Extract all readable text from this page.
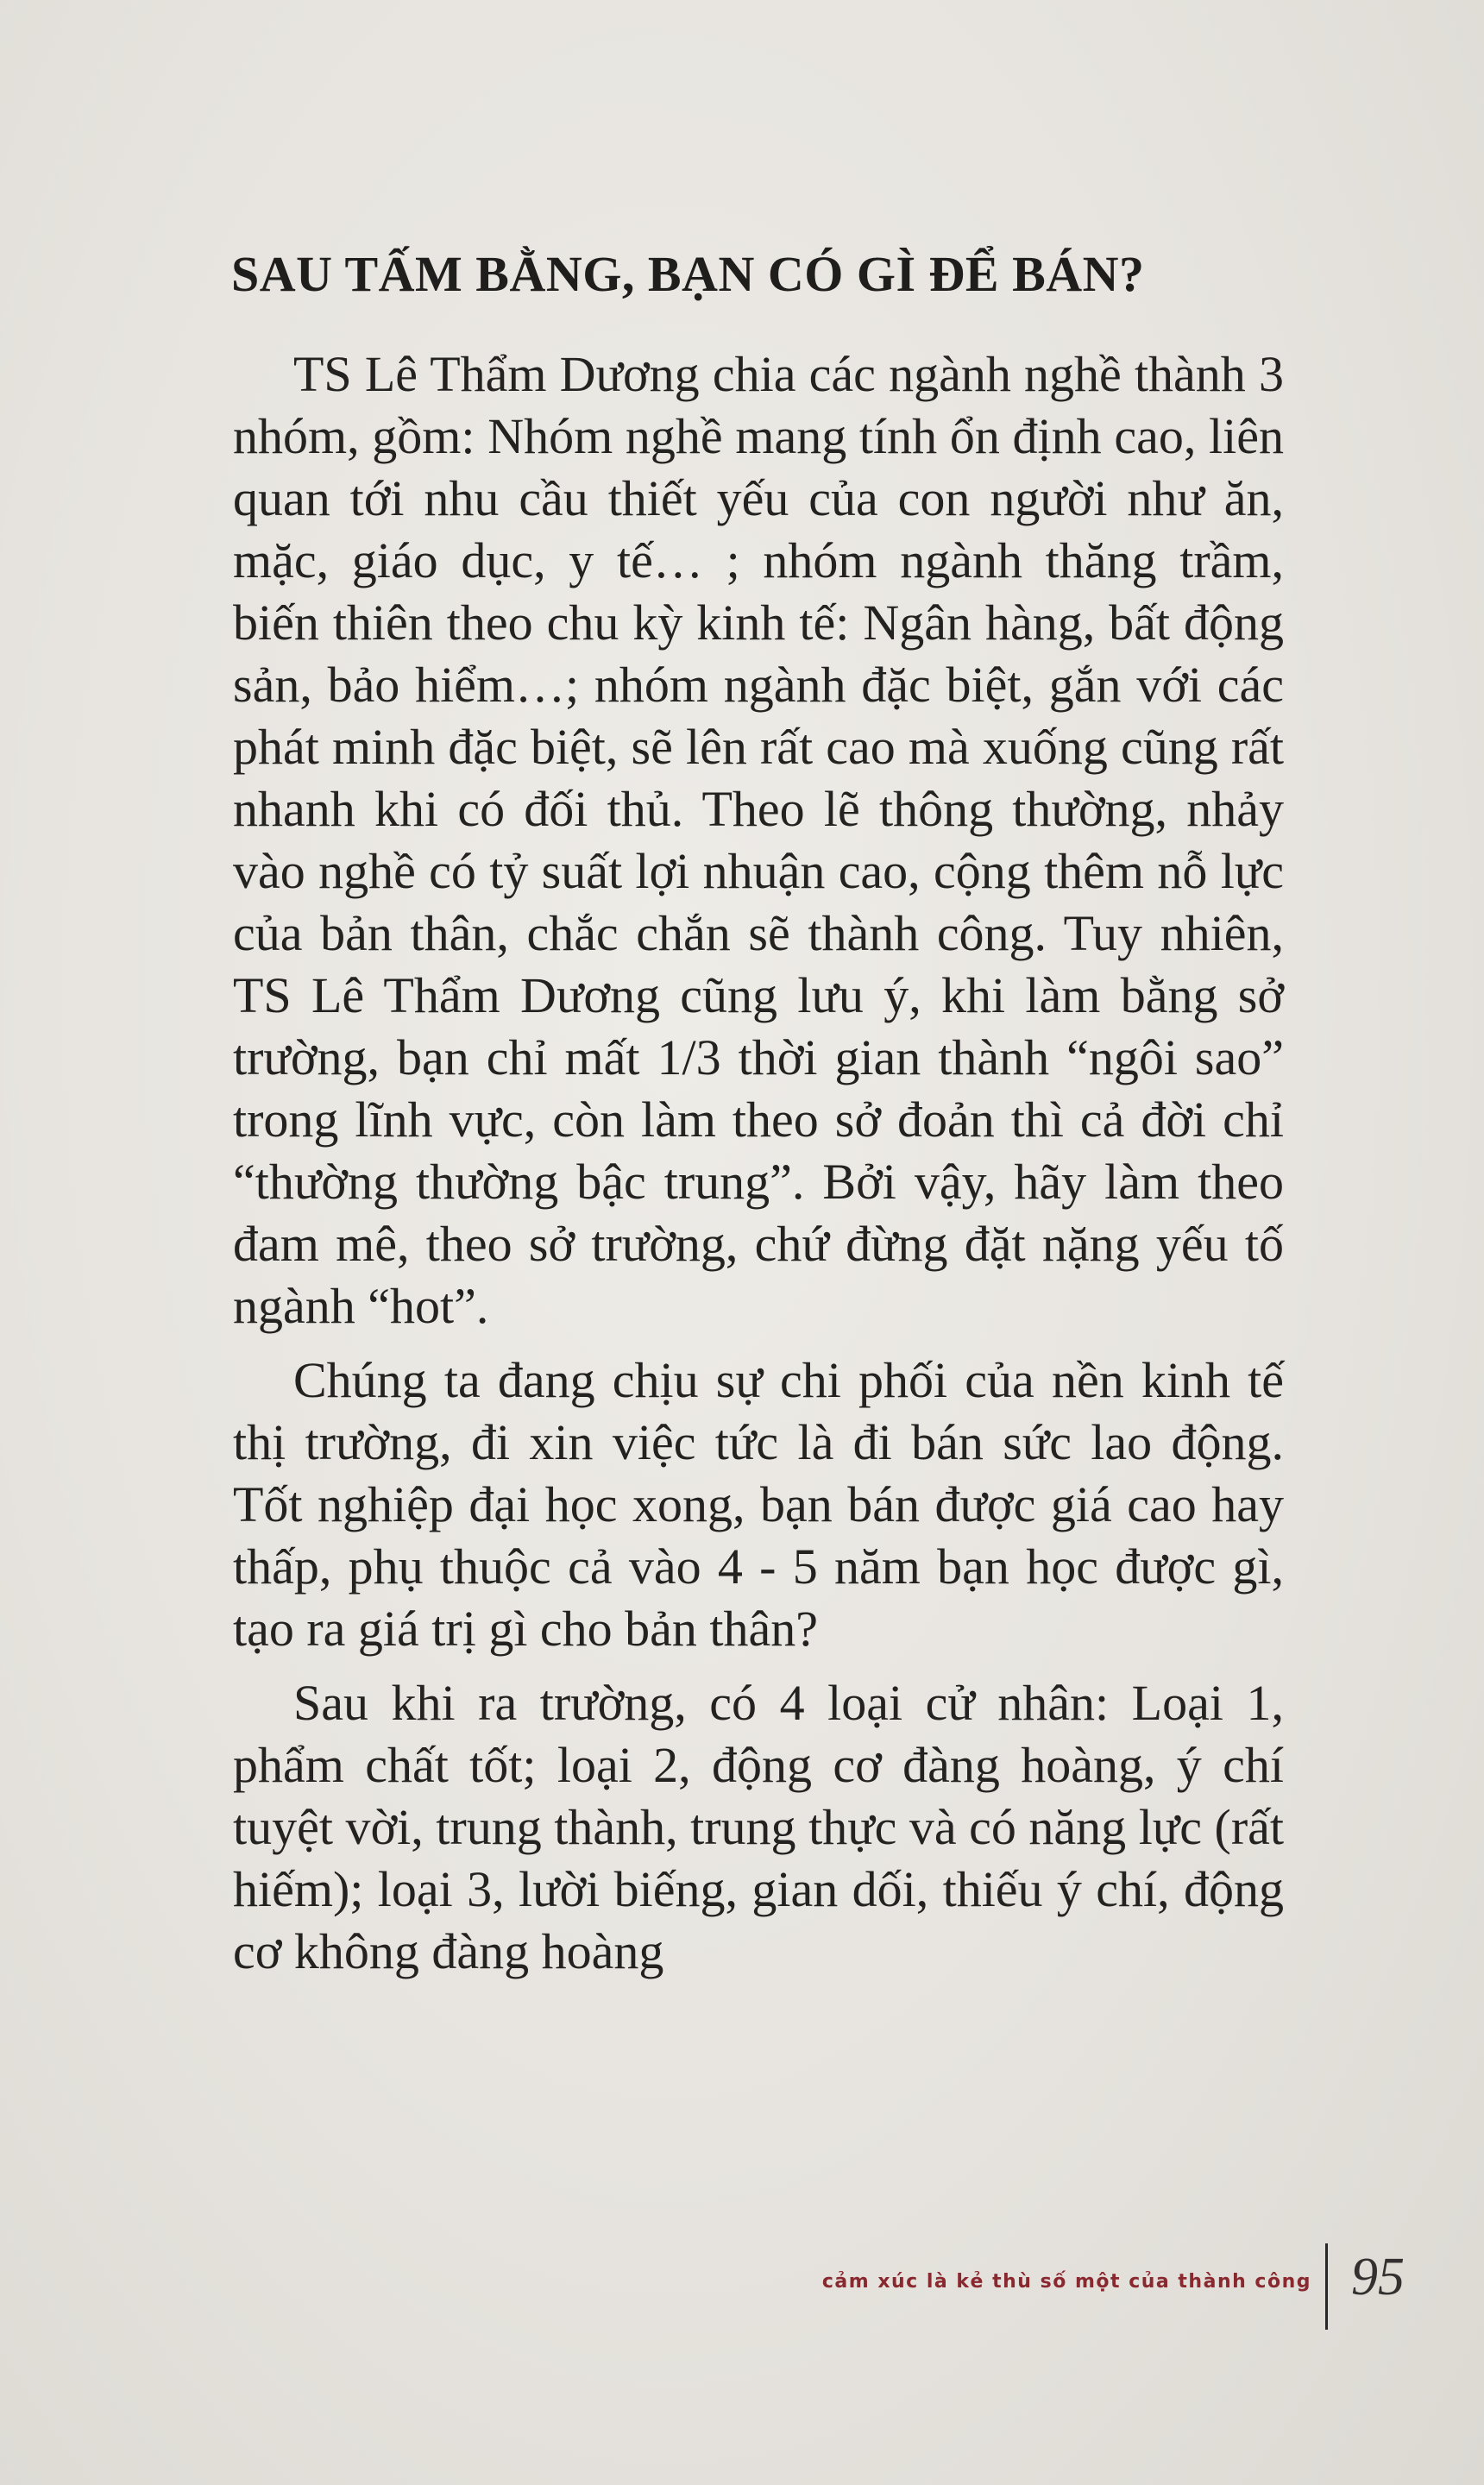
SAU TẤM BẰNG, BẠN CÓ GÌ ĐỂ BÁN?

TS Lê Thẩm Dương chia các ngành nghề thành 3 nhóm, gồm: Nhóm nghề mang tính ổn định cao, liên quan tới nhu cầu thiết yếu của con người như ăn, mặc, giáo dục, y tế… ; nhóm ngành thăng trầm, biến thiên theo chu kỳ kinh tế: Ngân hàng, bất động sản, bảo hiểm…; nhóm ngành đặc biệt, gắn với các phát minh đặc biệt, sẽ lên rất cao mà xuống cũng rất nhanh khi có đối thủ. Theo lẽ thông thường, nhảy vào nghề có tỷ suất lợi nhuận cao, cộng thêm nỗ lực của bản thân, chắc chắn sẽ thành công. Tuy nhiên, TS Lê Thẩm Dương cũng lưu ý, khi làm bằng sở trường, bạn chỉ mất 1/3 thời gian thành “ngôi sao” trong lĩnh vực, còn làm theo sở đoản thì cả đời chỉ “thường thường bậc trung”. Bởi vậy, hãy làm theo đam mê, theo sở trường, chứ đừng đặt nặng yếu tố ngành “hot”.

Chúng ta đang chịu sự chi phối của nền kinh tế thị trường, đi xin việc tức là đi bán sức lao động. Tốt nghiệp đại học xong, bạn bán được giá cao hay thấp, phụ thuộc cả vào 4 - 5 năm bạn học được gì, tạo ra giá trị gì cho bản thân?

Sau khi ra trường, có 4 loại cử nhân: Loại 1, phẩm chất tốt; loại 2, động cơ đàng hoàng, ý chí tuyệt vời, trung thành, trung thực và có năng lực (rất hiếm); loại 3, lười biếng, gian dối, thiếu ý chí, động cơ không đàng hoàng

cảm xúc là kẻ thù số một của thành công 95
